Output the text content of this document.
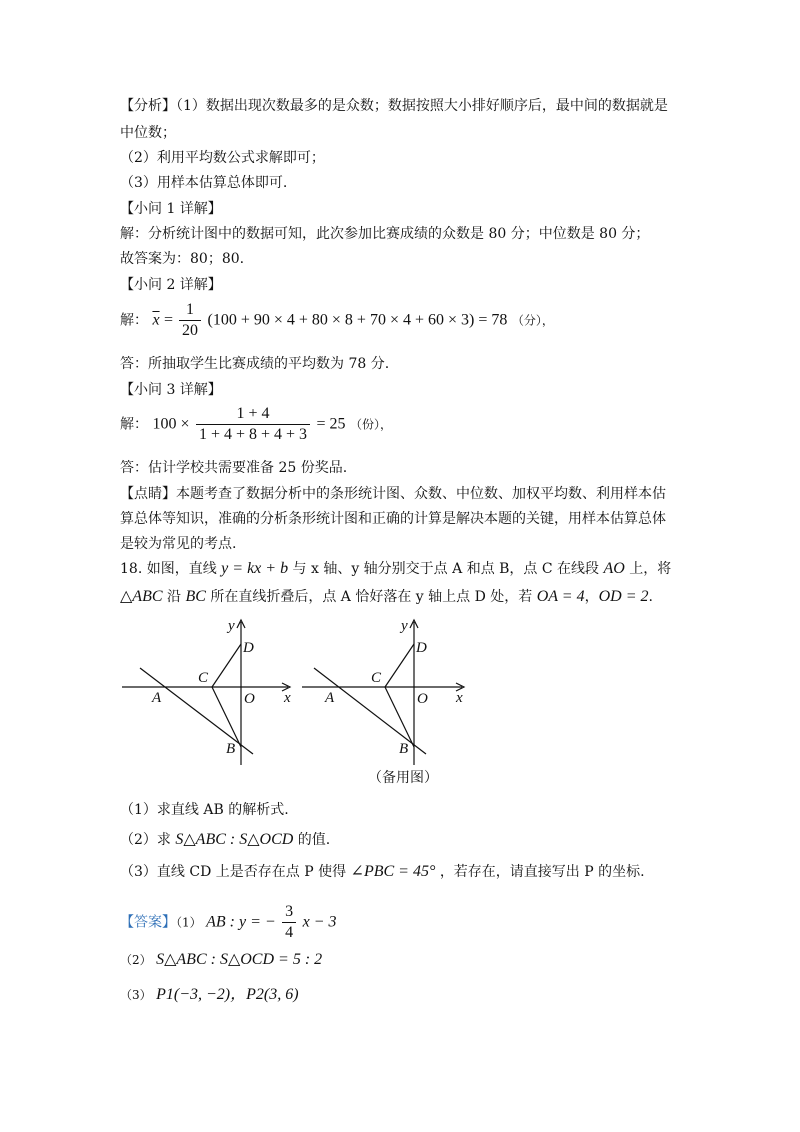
【分析】（1）数据出现次数最多的是众数；数据按照大小排好顺序后，最中间的数据就是
中位数；
（2）利用平均数公式求解即可；
（3）用样本估算总体即可.
【小问 1 详解】
解：分析统计图中的数据可知，此次参加比赛成绩的众数是 80 分；中位数是 80 分；
故答案为：80；80.
【小问 2 详解】
解： $\overline{x} = \frac{1}{20} (100 + 90 \times 4 + 80 \times 8 + 70 \times 4 + 60 \times 3) = 78$ （分），
答：所抽取学生比赛成绩的平均数为 78 分.
【小问 3 详解】
解： $100 \times \frac{1 + 4}{1 + 4 + 8 + 4 + 3} = 25$ （份），
答：估计学校共需要准备 25 份奖品.
【点睛】本题考查了数据分析中的条形统计图、众数、中位数、加权平均数、利用样本估
算总体等知识，准确的分析条形统计图和正确的计算是解决本题的关键，用样本估算总体
是较为常见的考点.
18. 如图，直线 y = kx + b 与 x 轴、y 轴分别交于点 A 和点 B，点 C 在线段 AO 上，将
△ABC 沿 BC 所在直线折叠后，点 A 恰好落在 y 轴上点 D 处，若 OA = 4，OD = 2.
y
D
C
A	O x
B
y
D
C
A	O x
B
（备用图）
（1）求直线 AB 的解析式.
（2）求 S△ABC : S△OCD 的值.
（3）直线 CD 上是否存在点 P 使得 ∠PBC = 45° ，若存在，请直接写出 P 的坐标.
【答案】（1） AB : y = − $\frac{3}{4}$ x − 3
（2） S△ABC : S△OCD = 5 : 2
（3） P1(−3, −2)，P2(3, 6)
